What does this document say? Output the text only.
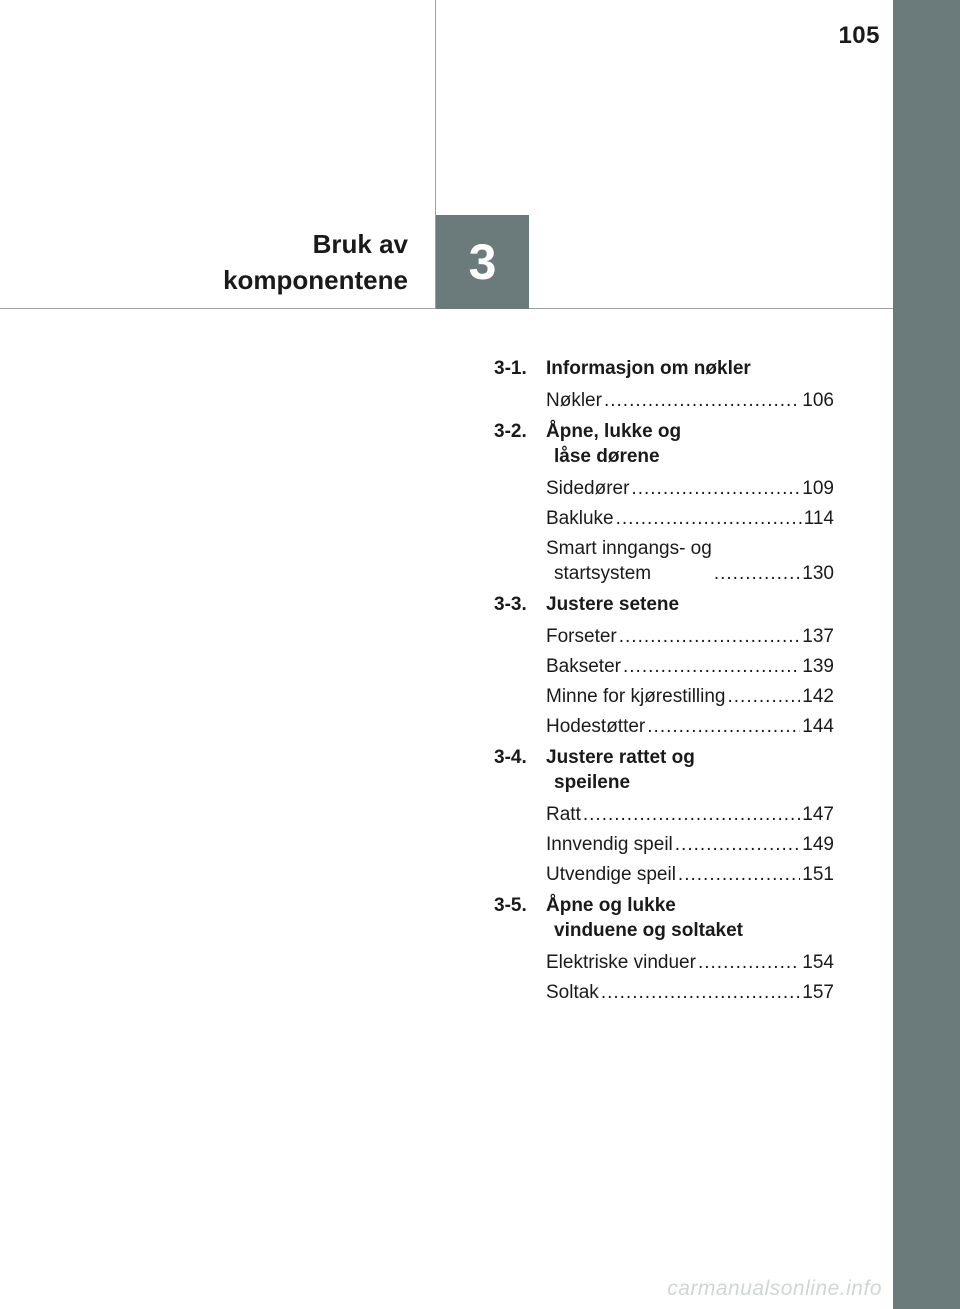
105
Bruk av
komponentene	3
3-1.	Informasjon om nøkler
Nøkler .....	106
3-2.	Åpne, lukke og
låse dørene
Sidedører .....	109
Bakluke .....	114
Smart inngangs- og
startsystem .....	130
3-3.	Justere setene
Forseter .....	137
Bakseter .....	139
Minne for kjørestilling .....	142
Hodestøtter .....	144
3-4.	Justere rattet og
speilene
Ratt .....	147
Innvendig speil .....	149
Utvendige speil .....	151
3-5.	Åpne og lukke
vinduene og soltaket
Elektriske vinduer .....	154
Soltak .....	157
carmanualsonline.info
